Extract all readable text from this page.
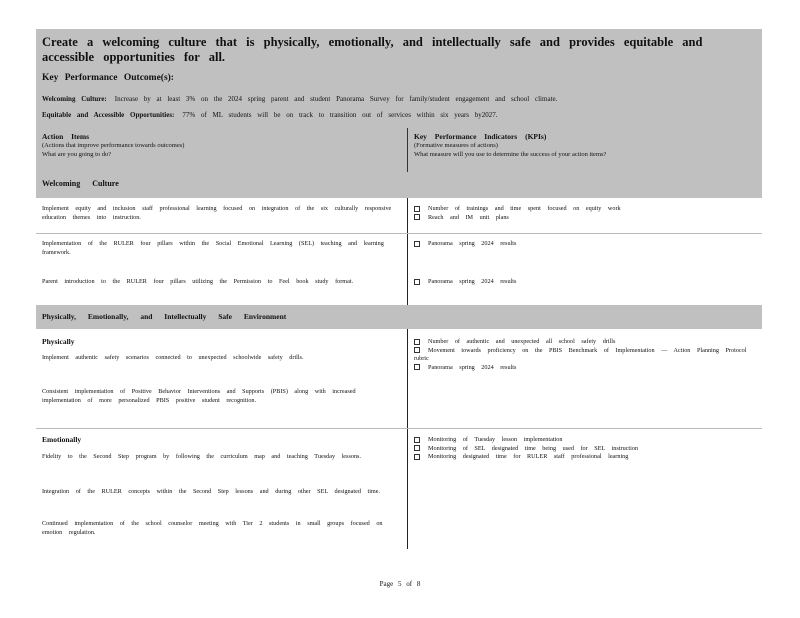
Create a welcoming culture that is physically, emotionally, and intellectually safe and provides equitable and accessible opportunities for all.
Key Performance Outcome(s):
Welcoming Culture: Increase by at least 3% on the 2024 spring parent and student Panorama Survey for family/student engagement and school climate.
Equitable and Accessible Opportunities: 77% of ML students will be on track to transition out of services within six years by2027.
Action Items
(Actions that improve performance towards outcomes)
What are you going to do?
Key Performance Indicators (KPIs)
(Formative measures of actions)
What measure will you use to determine the success of your action items?
Welcoming Culture
Implement equity and inclusion staff professional learning focused on integration of the six culturally responsive education themes into instruction.
Number of trainings and time spent focused on equity work
Reach and IM unit plans
Implementation of the RULER four pillars within the Social Emotional Learning (SEL) teaching and learning framework.
Panorama spring 2024 results
Parent introduction to the RULER four pillars utilizing the Permission to Feel book study format.	Panorama spring 2024 results
Physically, Emotionally, and Intellectually Safe Environment
Physically
Implement authentic safety scenarios connected to unexpected schoolwide safety drills.
Consistent implementation of Positive Behavior Interventions and Supports (PBIS) along with increased implementation of more personalized PBIS positive student recognition.
Number of authentic and unexpected all school safety drills
Movement towards proficiency on the PBIS Benchmark of Implementation — Action Planning Protocol rubric
Panorama spring 2024 results
Emotionally
Fidelity to the Second Step program by following the curriculum map and teaching Tuesday lessons.
Integration of the RULER concepts within the Second Step lessons and during other SEL designated time.
Continued implementation of the school counselor meeting with Tier 2 students in small groups focused on emotion regulation.
Monitoring of Tuesday lesson implementation
Monitoring of SEL designated time being used for SEL instruction
Monitoring designated time for RULER staff professional learning
Page 5 of 8
